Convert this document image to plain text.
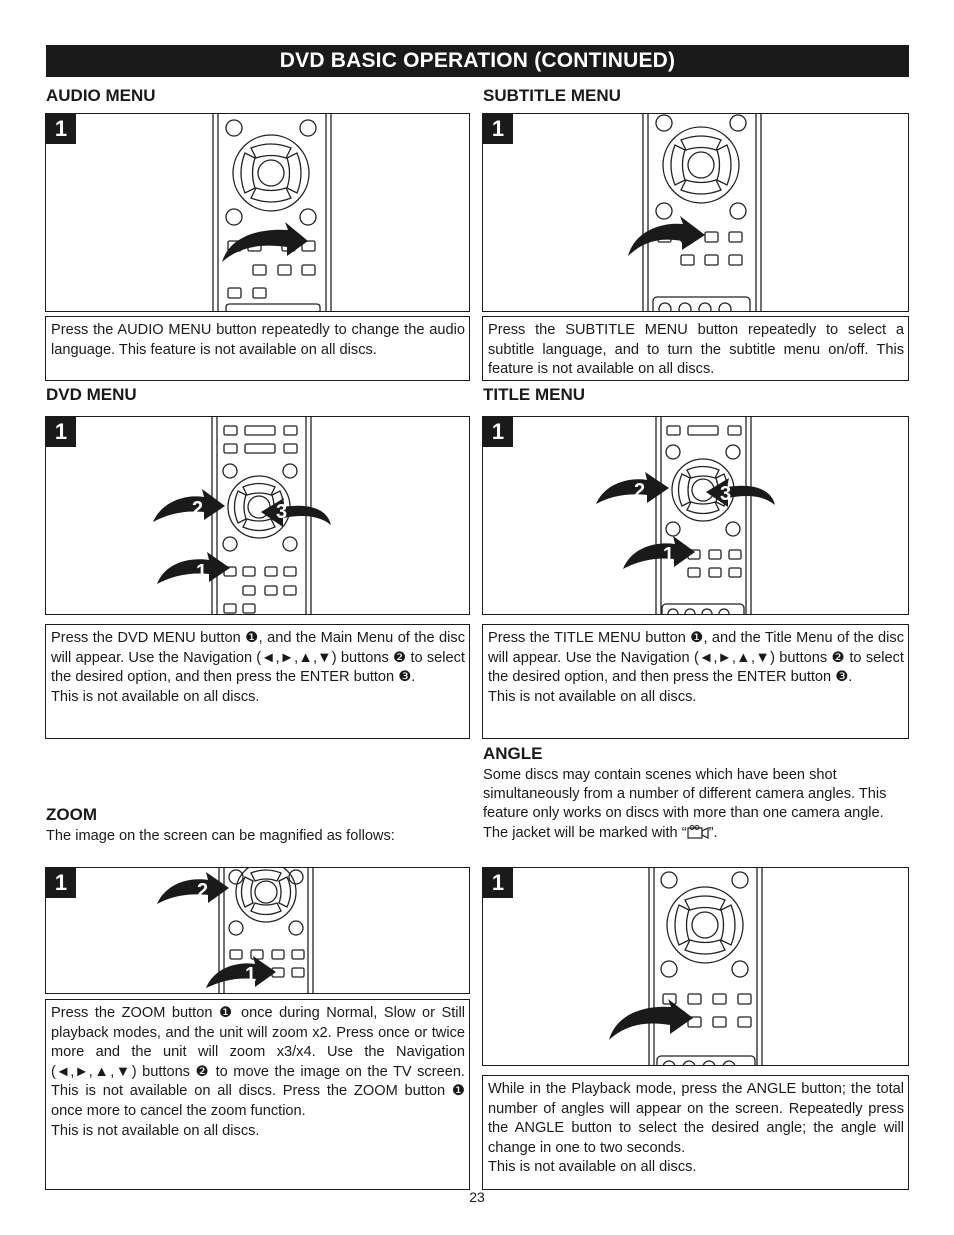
DVD BASIC OPERATION (CONTINUED)
AUDIO MENU
1

Press the AUDIO MENU button repeatedly to change the audio language. This feature is not available on all discs.

SUBTITLE MENU
1

Press the SUBTITLE MENU button repeatedly to select a subtitle language, and to turn the subtitle menu on/off. This feature is not available on all discs.

DVD MENU
2	3
1
1

Press the DVD MENU button ❶, and the Main Menu of the disc will appear. Use the Navigation (◄,►,▲,▼) buttons ❷ to select the desired option, and then press the ENTER button ❸.

This is not available on all discs.

TITLE MENU
2	3
1
1

Press the TITLE MENU button ❶, and the Title Menu of the disc will appear. Use the Navigation (◄,►,▲,▼) buttons ❷ to select the desired option, and then press the ENTER button ❸.

This is not available on all discs.

ANGLE
Some discs may contain scenes which have been shot simultaneously from a number of different camera angles. This feature only works on discs with more than one camera angle. The jacket will be marked with “ ”.
1

While in the Playback mode, press the ANGLE button; the total number of angles will appear on the screen. Repeatedly press the ANGLE button to select the desired angle; the angle will change in one to two seconds.

This is not available on all discs.

ZOOM
The image on the screen can be magnified as follows:
2
1
1

Press the ZOOM button ❶ once during Normal, Slow or Still playback modes, and the unit will zoom x2. Press once or twice more and the unit will zoom x3/x4. Use the Navigation (◄,►,▲,▼) buttons ❷ to move the image on the TV screen. This is not available on all discs. Press the ZOOM button ❶ once more to cancel the zoom function.

This is not available on all discs.

23
